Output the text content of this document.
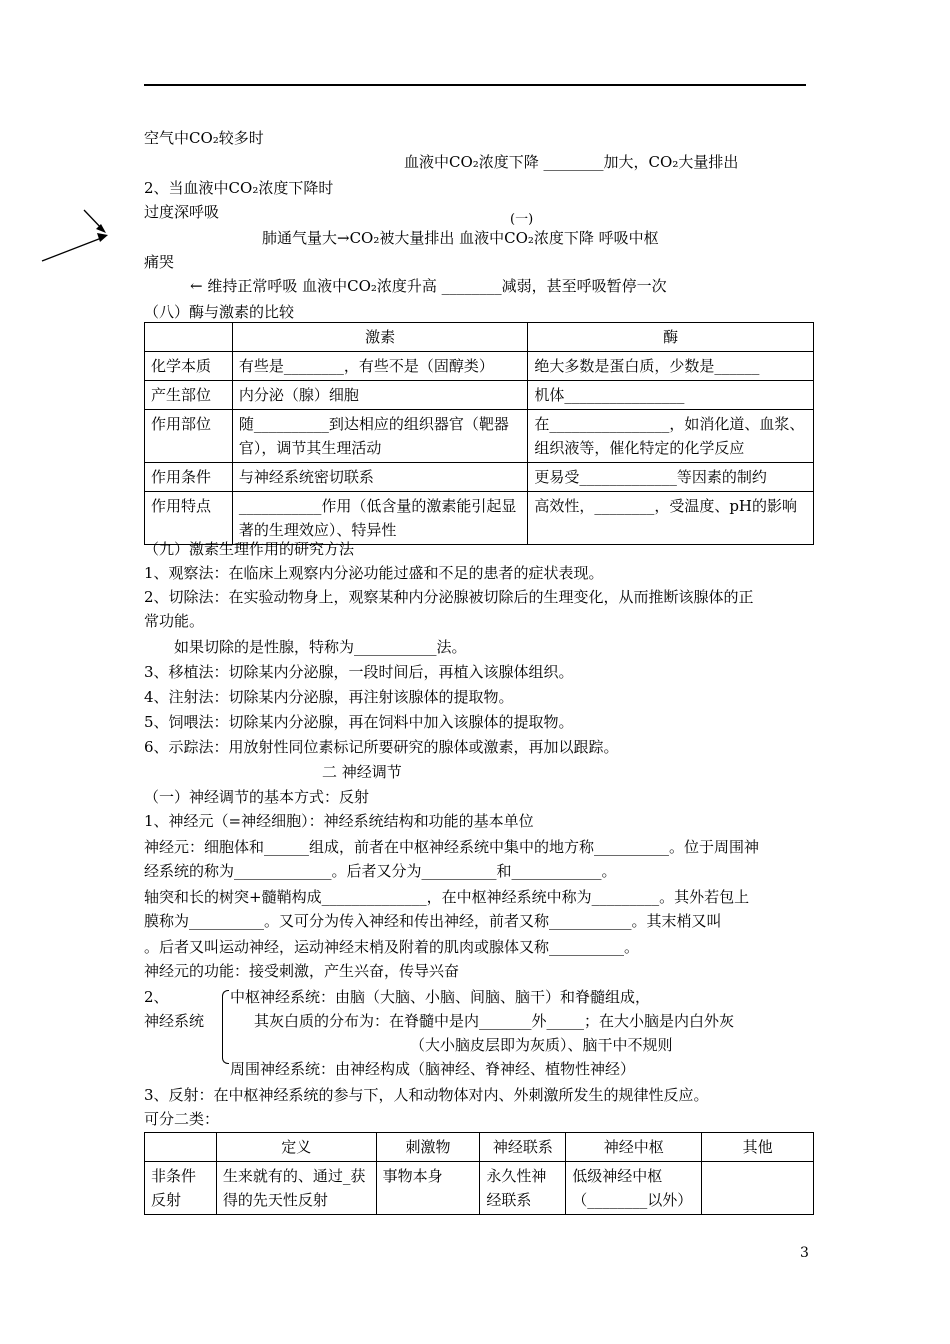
空气中CO₂较多时
血液中CO₂浓度下降 ________加大，CO₂大量排出
2、当血液中CO₂浓度下降时
过度深呼吸	(一)
肺通气量大→CO₂被大量排出 血液中CO₂浓度下降 呼吸中枢
痛哭
← 维持正常呼吸 血液中CO₂浓度升高 ________减弱，甚至呼吸暂停一次
（八）酶与激素的比较
	激素	酶
化学本质	有些是________，有些不是（固醇类）	绝大多数是蛋白质，少数是______
产生部位	内分泌（腺）细胞	机体________________
作用部位	随__________到达相应的组织器官（靶器官），调节其生理活动	在________________，如消化道、血浆、组织液等，催化特定的化学反应
作用条件	与神经系统密切联系	更易受_____________等因素的制约
作用特点	___________作用（低含量的激素能引起显著的生理效应）、特异性	高效性，________，受温度、pH的影响
（九）激素生理作用的研究方法
1、观察法：在临床上观察内分泌功能过盛和不足的患者的症状表现。
2、切除法：在实验动物身上，观察某种内分泌腺被切除后的生理变化，从而推断该腺体的正
常功能。
如果切除的是性腺，特称为___________法。
3、移植法：切除某内分泌腺，一段时间后，再植入该腺体组织。
4、注射法：切除某内分泌腺，再注射该腺体的提取物。
5、饲喂法：切除某内分泌腺，再在饲料中加入该腺体的提取物。
6、示踪法：用放射性同位素标记所要研究的腺体或激素，再加以跟踪。
二 神经调节
（一）神经调节的基本方式：反射
1、神经元（=神经细胞）：神经系统结构和功能的基本单位
神经元：细胞体和______组成，前者在中枢神经系统中集中的地方称__________。位于周围神
经系统的称为_____________。后者又分为__________和____________。
轴突和长的树突+髓鞘构成______________，在中枢神经系统中称为_________。其外若包上
膜称为__________。又可分为传入神经和传出神经，前者又称___________。其末梢又叫
。后者又叫运动神经，运动神经末梢及附着的肌肉或腺体又称__________。
神经元的功能：接受刺激，产生兴奋，传导兴奋
2、
神经系统
中枢神经系统：由脑（大脑、小脑、间脑、脑干）和脊髓组成，
其灰白质的分布为：在脊髓中是内_______外_____；在大小脑是内白外灰
（大小脑皮层即为灰质）、脑干中不规则
周围神经系统：由神经构成（脑神经、脊神经、植物性神经）
3、反射：在中枢神经系统的参与下，人和动物体对内、外刺激所发生的规律性反应。
可分二类：
	定义	刺激物	神经联系	神经中枢	其他
非条件反射	生来就有的、通过_获得的先天性反射	事物本身	永久性神经联系	低级神经中枢（________以外）	
3
